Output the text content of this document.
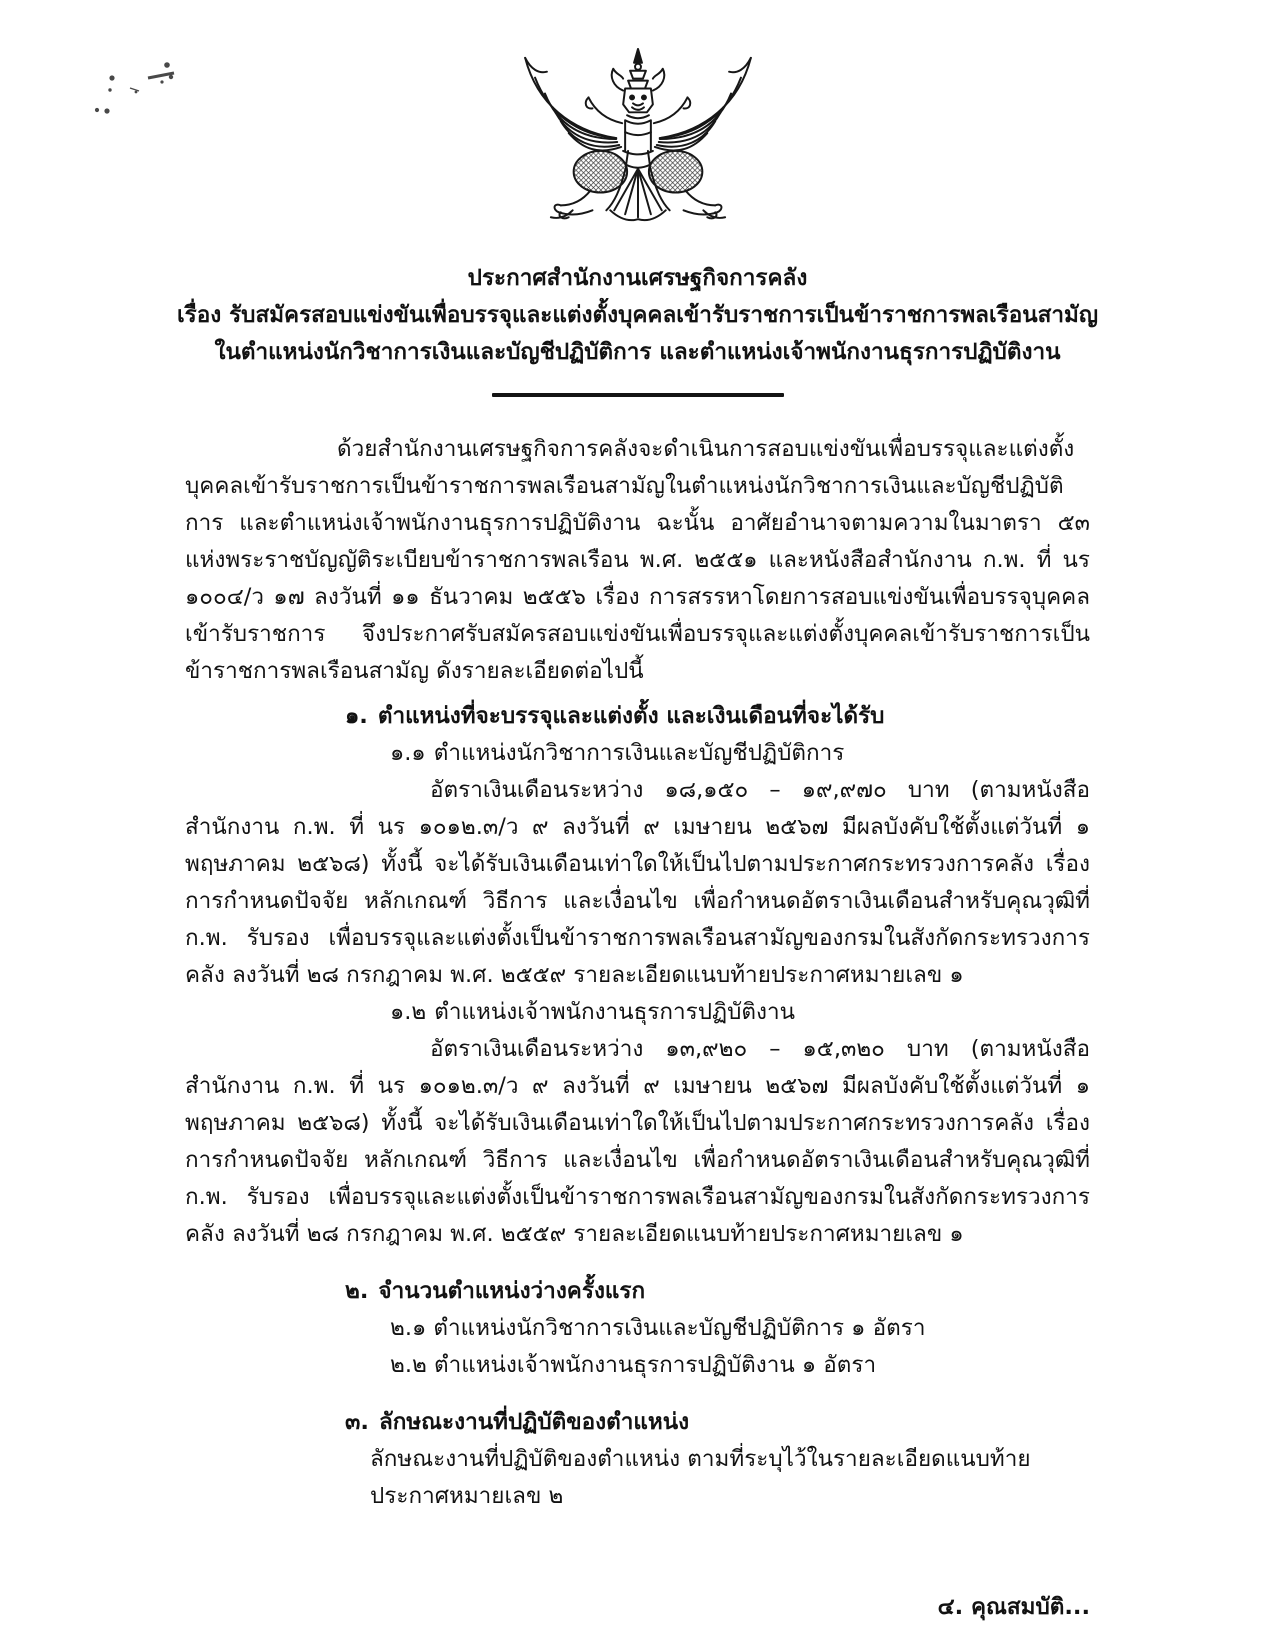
ประกาศสำนักงานเศรษฐกิจการคลัง
เรื่อง รับสมัครสอบแข่งขันเพื่อบรรจุและแต่งตั้งบุคคลเข้ารับราชการเป็นข้าราชการพลเรือนสามัญ
ในตำแหน่งนักวิชาการเงินและบัญชีปฏิบัติการ และตำแหน่งเจ้าพนักงานธุรการปฏิบัติงาน

ด้วยสำนักงานเศรษฐกิจการคลังจะดำเนินการสอบแข่งขันเพื่อบรรจุและแต่งตั้งบุคคลเข้ารับราชการเป็นข้าราชการพลเรือนสามัญในตำแหน่งนักวิชาการเงินและบัญชีปฏิบัติการ และตำแหน่งเจ้าพนักงานธุรการปฏิบัติงาน ฉะนั้น อาศัยอำนาจตามความในมาตรา ๕๓ แห่งพระราชบัญญัติระเบียบข้าราชการพลเรือน พ.ศ. ๒๕๕๑ และหนังสือสำนักงาน ก.พ. ที่ นร ๑๐๐๔/ว ๑๗ ลงวันที่ ๑๑ ธันวาคม ๒๕๕๖ เรื่อง การสรรหาโดยการสอบแข่งขันเพื่อบรรจุบุคคลเข้ารับราชการ จึงประกาศรับสมัครสอบแข่งขันเพื่อบรรจุและแต่งตั้งบุคคลเข้ารับราชการเป็นข้าราชการพลเรือนสามัญ ดังรายละเอียดต่อไปนี้

๑. ตำแหน่งที่จะบรรจุและแต่งตั้ง และเงินเดือนที่จะได้รับ

๑.๑ ตำแหน่งนักวิชาการเงินและบัญชีปฏิบัติการ

อัตราเงินเดือนระหว่าง ๑๘,๑๕๐ – ๑๙,๙๗๐ บาท (ตามหนังสือสำนักงาน ก.พ. ที่ นร ๑๐๑๒.๓/ว ๙ ลงวันที่ ๙ เมษายน ๒๕๖๗ มีผลบังคับใช้ตั้งแต่วันที่ ๑ พฤษภาคม ๒๕๖๘) ทั้งนี้ จะได้รับเงินเดือนเท่าใดให้เป็นไปตามประกาศกระทรวงการคลัง เรื่อง การกำหนดปัจจัย หลักเกณฑ์ วิธีการ และเงื่อนไข เพื่อกำหนดอัตราเงินเดือนสำหรับคุณวุฒิที่ ก.พ. รับรอง เพื่อบรรจุและแต่งตั้งเป็นข้าราชการพลเรือนสามัญของกรมในสังกัดกระทรวงการคลัง ลงวันที่ ๒๘ กรกฎาคม พ.ศ. ๒๕๕๙ รายละเอียดแนบท้ายประกาศหมายเลข ๑

๑.๒ ตำแหน่งเจ้าพนักงานธุรการปฏิบัติงาน

อัตราเงินเดือนระหว่าง ๑๓,๙๒๐ – ๑๕,๓๒๐ บาท (ตามหนังสือสำนักงาน ก.พ. ที่ นร ๑๐๑๒.๓/ว ๙ ลงวันที่ ๙ เมษายน ๒๕๖๗ มีผลบังคับใช้ตั้งแต่วันที่ ๑ พฤษภาคม ๒๕๖๘) ทั้งนี้ จะได้รับเงินเดือนเท่าใดให้เป็นไปตามประกาศกระทรวงการคลัง เรื่อง การกำหนดปัจจัย หลักเกณฑ์ วิธีการ และเงื่อนไข เพื่อกำหนดอัตราเงินเดือนสำหรับคุณวุฒิที่ ก.พ. รับรอง เพื่อบรรจุและแต่งตั้งเป็นข้าราชการพลเรือนสามัญของกรมในสังกัดกระทรวงการคลัง ลงวันที่ ๒๘ กรกฎาคม พ.ศ. ๒๕๕๙ รายละเอียดแนบท้ายประกาศหมายเลข ๑

๒. จำนวนตำแหน่งว่างครั้งแรก

๒.๑ ตำแหน่งนักวิชาการเงินและบัญชีปฏิบัติการ ๑ อัตรา

๒.๒ ตำแหน่งเจ้าพนักงานธุรการปฏิบัติงาน ๑ อัตรา

๓. ลักษณะงานที่ปฏิบัติของตำแหน่ง

ลักษณะงานที่ปฏิบัติของตำแหน่ง ตามที่ระบุไว้ในรายละเอียดแนบท้ายประกาศหมายเลข ๒

๔. คุณสมบัติ...
